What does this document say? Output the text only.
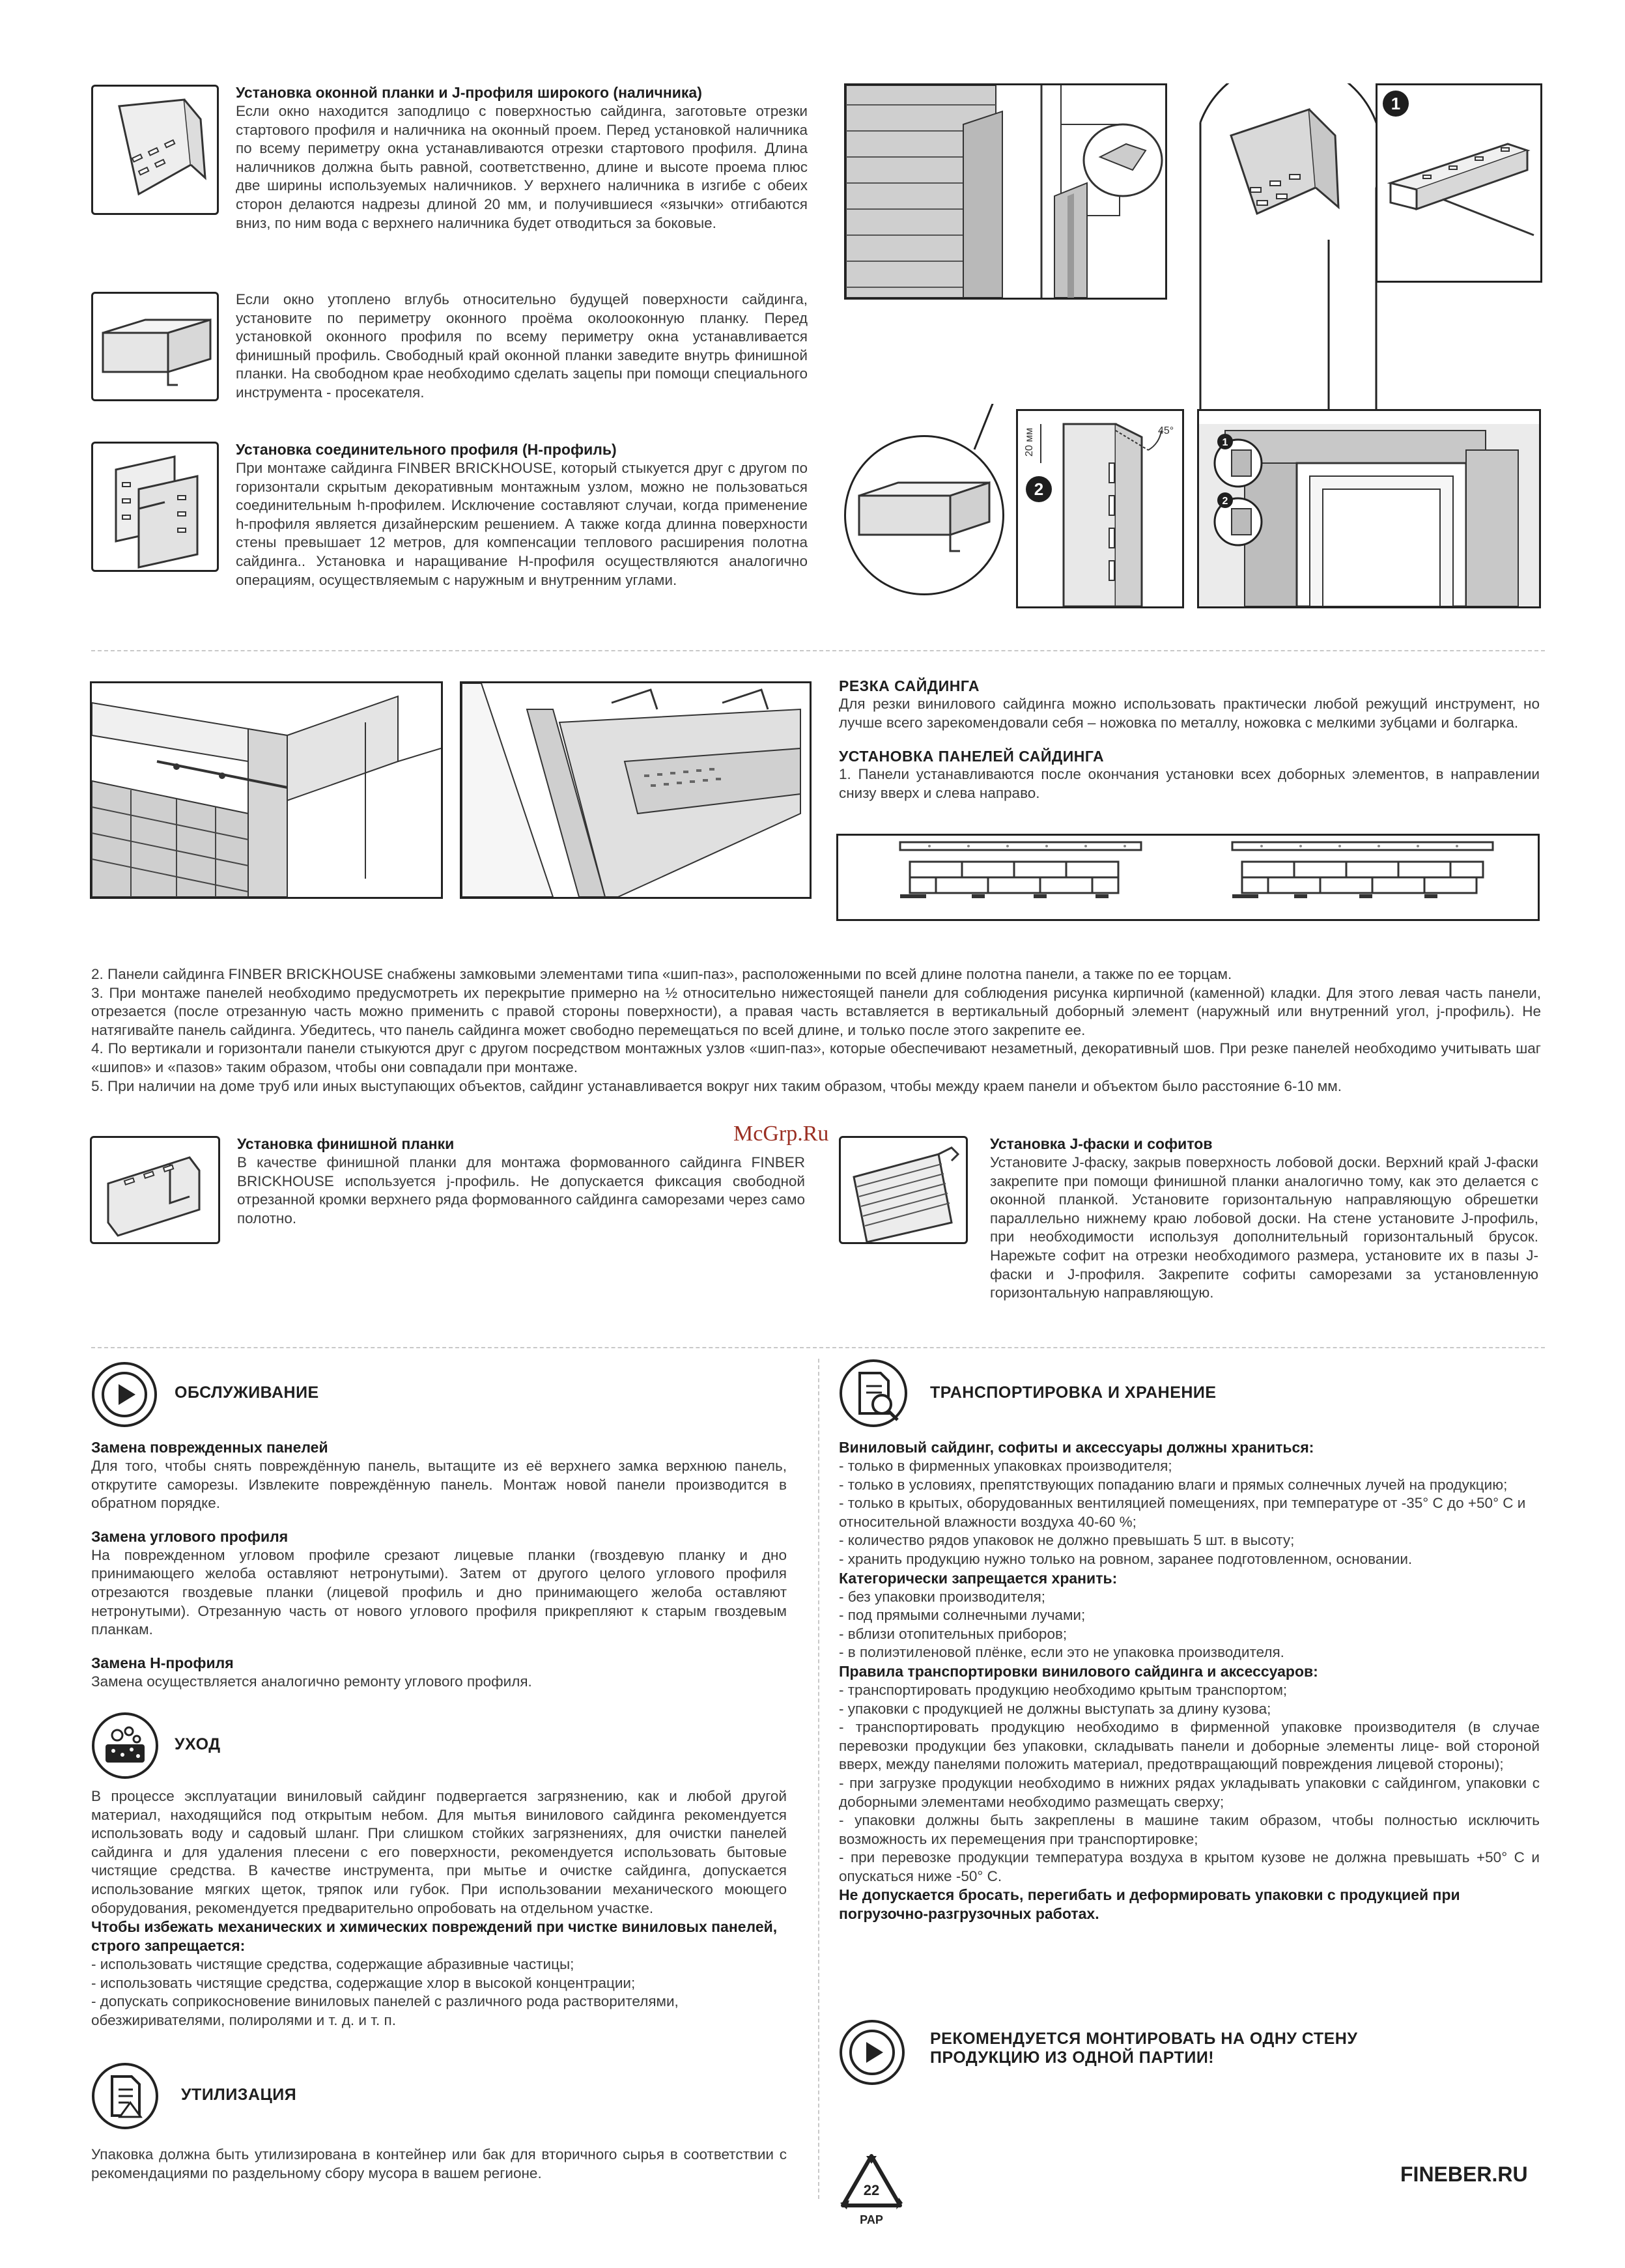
Установка оконной планки и J-профиля широкого (наличника)

Если окно находится заподлицо с поверхностью сайдинга, заготовьте отрезки стартового профиля и наличника на оконный проем. Перед установкой наличника по всему периметру окна устанавливаются отрезки стартового профиля. Длина наличников должна быть равной, соответственно, длине и высоте проема плюс две ширины используемых наличников. У верхнего наличника в изгибе с обеих сторон делаются надрезы длиной 20 мм, и получившиеся «язычки» отгибаются вниз, по ним вода с верхнего наличника будет отводиться за боковые.

Если окно утоплено вглубь относительно будущей поверхности сайдинга, установите по периметру оконного проёма околооконную планку. Перед установкой оконного профиля по всему периметру окна устанавливается финишный профиль. Свободный край оконной планки заведите внутрь финишной планки. На свободном крае необходимо сделать зацепы при помощи специального инструмента - просекателя.

Установка соединительного профиля (Н-профиль)

При монтаже сайдинга FINBER BRICKHOUSE, который стыкуется друг с другом по горизонтали скрытым декоративным монтажным узлом, можно не пользоваться соединительным h-профилем. Исключение составляют случаи, когда применение h-профиля является дизайнерским решением. А также когда длинна поверхности стены превышает 12 метров, для компенсации теплового расширения полотна сайдинга.. Установка и наращивание Н-профиля осуществляются аналогично операциям, осуществляемым с наружным и внутренним углами.

1
2
45°
20 мм	1
2
РЕЗКА САЙДИНГА

Для резки винилового сайдинга можно использовать практически любой режущий инструмент, но лучше всего зарекомендовали себя – ножовка по металлу, ножовка с мелкими зубцами и болгарка.

УСТАНОВКА ПАНЕЛЕЙ САЙДИНГА

1. Панели устанавливаются после окончания установки всех доборных элементов, в направлении снизу вверх и слева направо.

2. Панели сайдинга FINBER BRICKHOUSE снабжены замковыми элементами типа «шип-паз», расположенными по всей длине полотна панели, а также по ее торцам.

3. При монтаже панелей необходимо предусмотреть их перекрытие примерно на ½ относительно нижестоящей панели для соблюдения рисунка кирпичной (каменной) кладки. Для этого левая часть панели, отрезается (после отрезанную часть можно применить с правой стороны поверхности), а правая часть вставляется в вертикальный доборный элемент (наружный или внутренний угол, j-профиль). Не натягивайте панель сайдинга. Убедитесь, что панель сайдинга может свободно перемещаться по всей длине, и только после этого закрепите ее.

4. По вертикали и горизонтали панели стыкуются друг с другом посредством монтажных узлов «шип-паз», которые обеспечивают незаметный, декоративный шов. При резке панелей необходимо учитывать шаг «шипов» и «пазов» таким образом, чтобы они совпадали при монтаже.

5. При наличии на доме труб или иных выступающих объектов, сайдинг устанавливается вокруг них таким образом, чтобы между краем панели и объектом было расстояние 6-10 мм.

McGrp.Ru

Установка финишной планки

В качестве финишной планки для монтажа формованного сайдинга FINBER BRICKHOUSE используется j-профиль. Не допускается фиксация свободной отрезанной кромки верхнего ряда формованного сайдинга саморезами через само полотно.

Установка J-фаски и софитов

Установите J-фаску, закрыв поверхность лобовой доски. Верхний край J-фаски закрепите при помощи финишной планки аналогично тому, как это делается с оконной планкой. Установите горизонтальную направляющую обрешетки параллельно нижнему краю лобовой доски. На стене установите J-профиль, при необходимости используя дополнительный горизонтальный брусок. Нарежьте софит на отрезки необходимого размера, установите их в пазы J-фаски и J-профиля. Закрепите софиты саморезами за установленную горизонтальную направляющую.

ОБСЛУЖИВАНИЕ

Замена поврежденных панелей

Для того, чтобы снять повреждённую панель, вытащите из её верхнего замка верхнюю панель, открутите саморезы. Извлеките повреждённую панель. Монтаж новой панели производится в обратном порядке.

Замена углового профиля

На поврежденном угловом профиле срезают лицевые планки (гвоздевую планку и дно принимающего желоба оставляют нетронутыми). Затем от другого целого углового профиля отрезаются гвоздевые планки (лицевой профиль и дно принимающего желоба оставляют нетронутыми). Отрезанную часть от нового углового профиля прикрепляют к старым гвоздевым планкам.

Замена Н-профиля

Замена осуществляется аналогично ремонту углового профиля.

УХОД

В процессе эксплуатации виниловый сайдинг подвергается загрязнению, как и любой другой материал, находящийся под открытым небом. Для мытья винилового сайдинга рекомендуется использовать воду и садовый шланг. При слишком стойких загрязнениях, для очистки панелей сайдинга и для удаления плесени с его поверхности, рекомендуется использовать бытовые чистящие средства. В качестве инструмента, при мытье и очистке сайдинга, допускается использование мягких щеток, тряпок или губок. При использовании механического моющего оборудования, рекомендуется предварительно опробовать на отдельном участке.

Чтобы избежать механических и химических повреждений при чистке виниловых панелей, строго запрещается:

- использовать чистящие средства, содержащие абразивные частицы;
- использовать чистящие средства, содержащие хлор в высокой концентрации;
- допускать соприкосновение виниловых панелей с различного рода растворителями, обезжиривателями, полиролями и т. д. и т. п.
УТИЛИЗАЦИЯ

Упаковка должна быть утилизирована в контейнер или бак для вторичного сырья в соответствии с рекомендациями по раздельному сбору мусора в вашем регионе.

ТРАНСПОРТИРОВКА И ХРАНЕНИЕ

Виниловый сайдинг, софиты и аксессуары должны храниться:

- только в фирменных упаковках производителя;
- только в условиях, препятствующих попаданию влаги и прямых солнечных лучей на продукцию;
- только в крытых, оборудованных вентиляцией помещениях, при температуре от -35° С до +50° С и относительной влажности воздуха 40-60 %;
- количество рядов упаковок не должно превышать 5 шт. в высоту;
- хранить продукцию нужно только на ровном, заранее подготовленном, основании.

Категорически запрещается хранить:

- без упаковки производителя;
- под прямыми солнечными лучами;
- вблизи отопительных приборов;
- в полиэтиленовой плёнке, если это не упаковка производителя.

Правила транспортировки винилового сайдинга и аксессуаров:

- транспортировать продукцию необходимо крытым транспортом;
- упаковки с продукцией не должны выступать за длину кузова;
- транспортировать продукцию необходимо в фирменной упаковке производителя (в случае перевозки продукции без упаковки, складывать панели и доборные элементы лице- вой стороной вверх, между панелями положить материал, предотвращающий повреждения лицевой стороны);
- при загрузке продукции необходимо в нижних рядах укладывать упаковки с сайдингом, упаковки с доборными элементами необходимо размещать сверху;
- упаковки должны быть закреплены в машине таким образом, чтобы полностью исключить возможность их перемещения при транспортировке;
- при перевозке продукции температура воздуха в крытом кузове не должна превышать +50° С и опускаться ниже -50° С.

Не допускается бросать, перегибать и деформировать упаковки с продукцией при погрузочно-разгрузочных работах.

РЕКОМЕНДУЕТСЯ МОНТИРОВАТЬ НА ОДНУ СТЕНУ
ПРОДУКЦИЮ ИЗ ОДНОЙ ПАРТИИ!
22
PAP
FINEBER.RU
